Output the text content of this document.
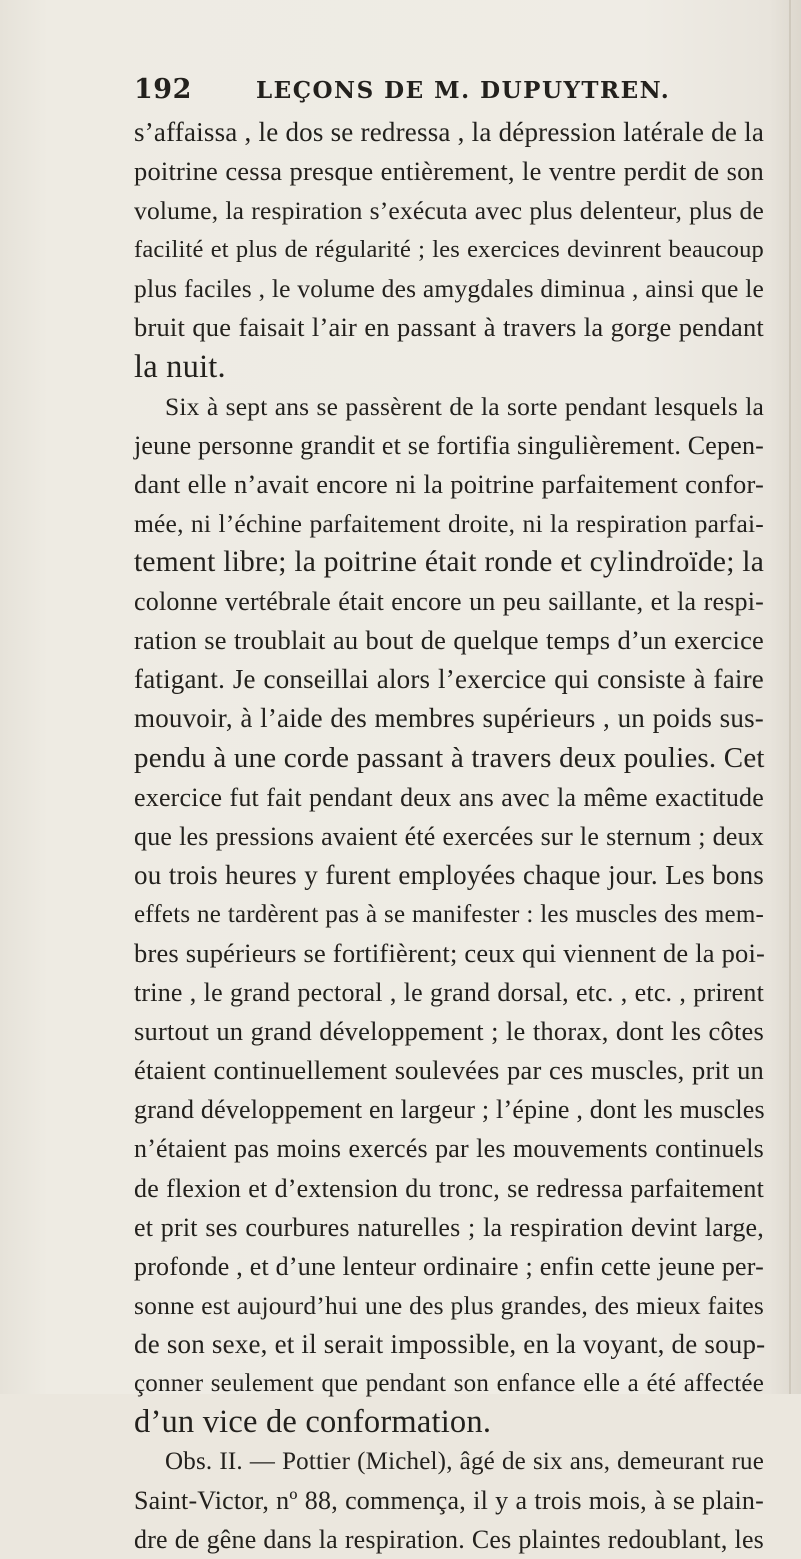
192	LEÇONS DE M. DUPUYTREN.
s’affaissa , le dos se redressa , la dépression latérale de la
poitrine cessa presque entièrement, le ventre perdit de son
volume, la respiration s’exécuta avec plus delenteur, plus de
facilité et plus de régularité ; les exercices devinrent beaucoup
plus faciles , le volume des amygdales diminua , ainsi que le
bruit que faisait l’air en passant à travers la gorge pendant
la nuit.
Six à sept ans se passèrent de la sorte pendant lesquels la
jeune personne grandit et se fortifia singulièrement. Cepen-
dant elle n’avait encore ni la poitrine parfaitement confor-
mée, ni l’échine parfaitement droite, ni la respiration parfai-
tement libre; la poitrine était ronde et cylindroïde; la
colonne vertébrale était encore un peu saillante, et la respi-
ration se troublait au bout de quelque temps d’un exercice
fatigant. Je conseillai alors l’exercice qui consiste à faire
mouvoir, à l’aide des membres supérieurs , un poids sus-
pendu à une corde passant à travers deux poulies. Cet
exercice fut fait pendant deux ans avec la même exactitude
que les pressions avaient été exercées sur le sternum ; deux
ou trois heures y furent employées chaque jour. Les bons
effets ne tardèrent pas à se manifester : les muscles des mem-
bres supérieurs se fortifièrent; ceux qui viennent de la poi-
trine , le grand pectoral , le grand dorsal, etc. , etc. , prirent
surtout un grand développement ; le thorax, dont les côtes
étaient continuellement soulevées par ces muscles, prit un
grand développement en largeur ; l’épine , dont les muscles
n’étaient pas moins exercés par les mouvements continuels
de flexion et d’extension du tronc, se redressa parfaitement
et prit ses courbures naturelles ; la respiration devint large,
profonde , et d’une lenteur ordinaire ; enfin cette jeune per-
sonne est aujourd’hui une des plus grandes, des mieux faites
de son sexe, et il serait impossible, en la voyant, de soup-
çonner seulement que pendant son enfance elle a été affectée
d’un vice de conformation.
Obs. II. — Pottier (Michel), âgé de six ans, demeurant rue
Saint-Victor, nº 88, commença, il y a trois mois, à se plain-
dre de gêne dans la respiration. Ces plaintes redoublant, les
